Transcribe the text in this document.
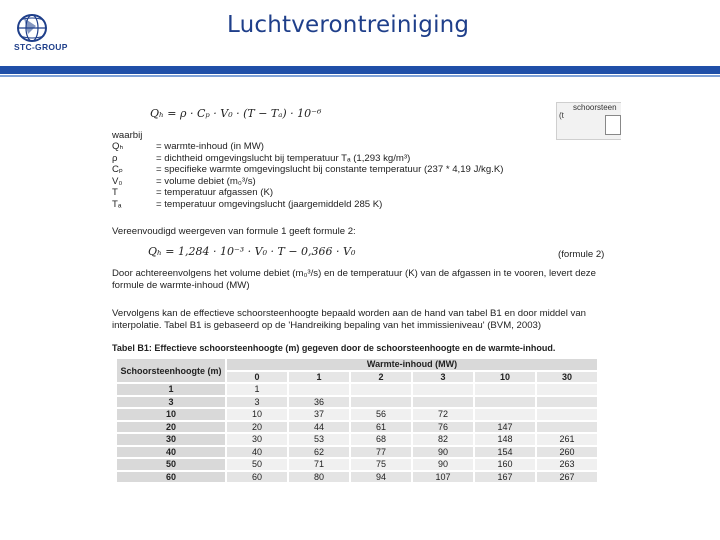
STC-GROUP
Luchtverontreiniging
schoorsteen
(t
Qₕ = ρ · Cₚ · V₀ · (T − Tₐ) · 10⁻⁶
waarbij
Qₕ	= warmte-inhoud (in MW)
ρ	= dichtheid omgevingslucht bij temperatuur Tₐ (1,293 kg/m³)
Cₚ	= specifieke warmte omgevingslucht bij constante temperatuur (237 * 4,19 J/kg.K)
V₀	= volume debiet (m₀³/s)
T	= temperatuur afgassen (K)
Tₐ	= temperatuur omgevingslucht (jaargemiddeld 285 K)
Vereenvoudigd weergeven van formule 1 geeft formule 2:
Qₕ = 1,284 · 10⁻³ · V₀ · T − 0,366 · V₀	(formule 2)
Door achtereenvolgens het volume debiet (m₀³/s) en de temperatuur (K) van de afgassen in te vooren, levert deze formule de warmte-inhoud (MW)
Vervolgens kan de effectieve schoorsteenhoogte bepaald worden aan de hand van tabel B1 en door middel van interpolatie. Tabel B1 is gebaseerd op de 'Handreiking bepaling van het immissieniveau' (BVM, 2003)
Tabel B1: Effectieve schoorsteenhoogte (m) gegeven door de schoorsteenhoogte en de warmte-inhoud.
Schoorsteenhoogte (m)	Warmte-inhoud (MW)					
	0	1	2	3	10	30
1	1					
3	3	36				
10	10	37	56	72		
20	20	44	61	76	147	
30	30	53	68	82	148	261
40	40	62	77	90	154	260
50	50	71	75	90	160	263
60	60	80	94	107	167	267
